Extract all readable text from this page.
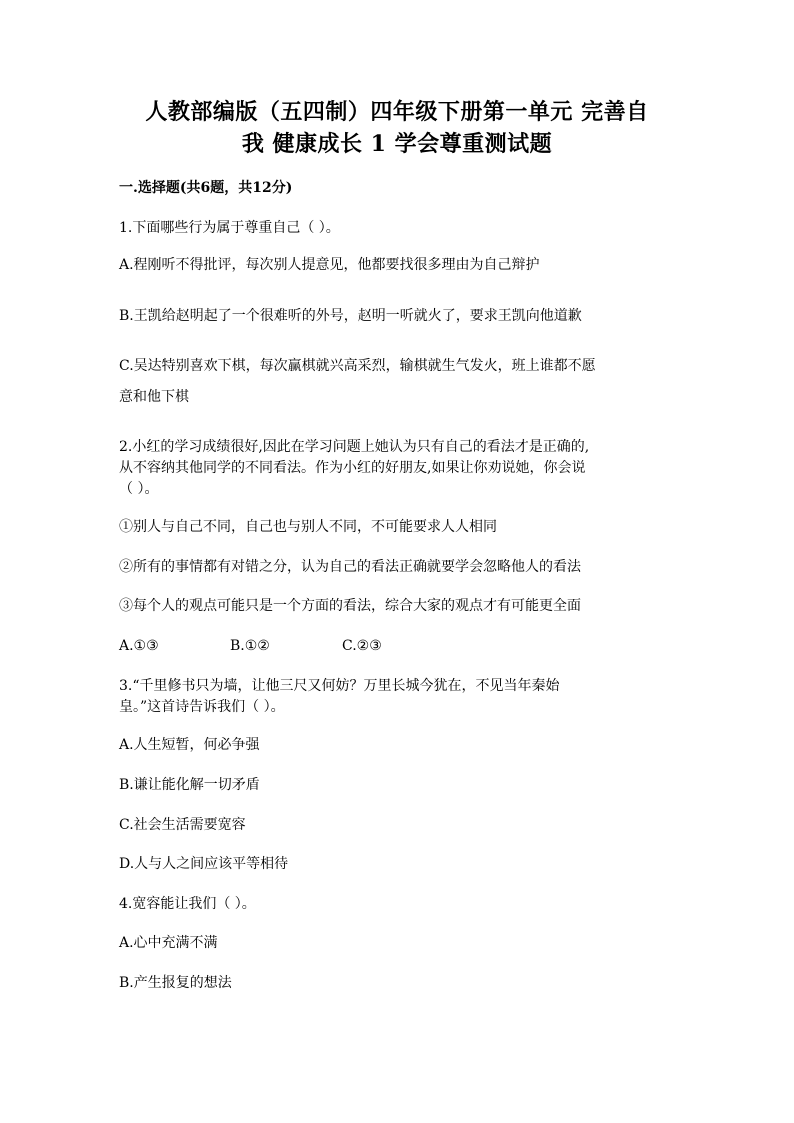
人教部编版（五四制）四年级下册第一单元 完善自
我 健康成长 1 学会尊重测试题
一.选择题(共6题，共12分)
1.下面哪些行为属于尊重自己（ ）。
A.程刚听不得批评，每次别人提意见，他都要找很多理由为自己辩护
B.王凯给赵明起了一个很难听的外号，赵明一听就火了，要求王凯向他道歉
C.吴达特别喜欢下棋，每次赢棋就兴高采烈，输棋就生气发火，班上谁都不愿
意和他下棋
2.小红的学习成绩很好,因此在学习问题上她认为只有自己的看法才是正确的,
从不容纳其他同学的不同看法。作为小红的好朋友,如果让你劝说她，你会说
（ ）。
①别人与自己不同，自己也与别人不同，不可能要求人人相同
②所有的事情都有对错之分，认为自己的看法正确就要学会忽略他人的看法
③每个人的观点可能只是一个方面的看法，综合大家的观点才有可能更全面
A.①③	B.①②	C.②③
3.“千里修书只为墙，让他三尺又何妨？万里长城今犹在，不见当年秦始
皇。”这首诗告诉我们（ ）。
A.人生短暂，何必争强
B.谦让能化解一切矛盾
C.社会生活需要宽容
D.人与人之间应该平等相待
4.宽容能让我们（ ）。
A.心中充满不满
B.产生报复的想法
